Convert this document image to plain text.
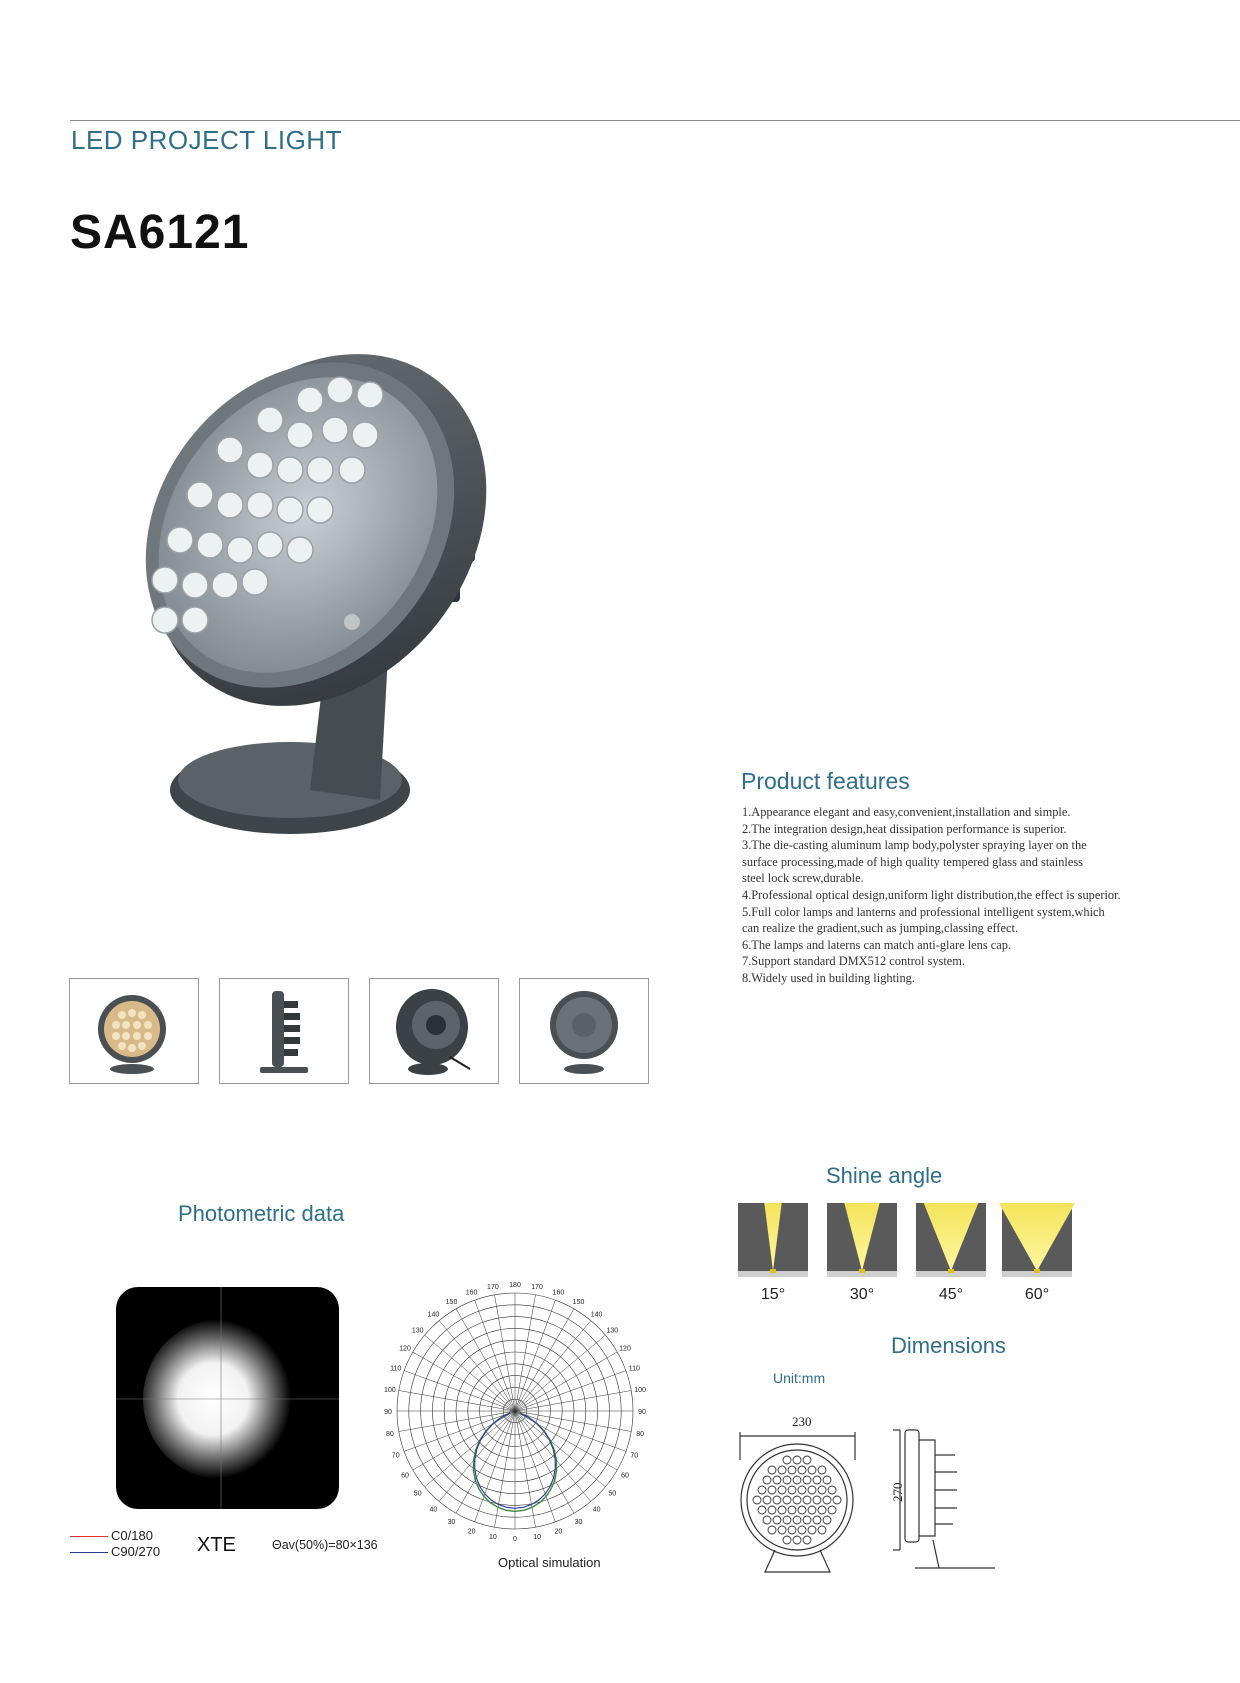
LED PROJECT LIGHT
SA6121
Product features
1.Appearance elegant and easy,convenient,installation and simple.
2.The integration design,heat dissipation performance is superior.
3.The die-casting aluminum lamp body,polyster spraying layer on the
surface processing,made of high quality tempered glass and stainless
steel lock screw,durable.
4.Professional optical design,uniform light distribution,the effect is superior.
5.Full color lamps and lanterns and professional intelligent system,which
can realize the gradient,such as jumping,classing effect.
6.The lamps and laterns can match anti-glare lens cap.
7.Support standard DMX512 control system.
8.Widely used in building lighting.
Shine angle
15°	30°	45°	60°
Photometric data
C0/180
C90/270 XTE	Θav(50%)=80×136
180 170
170
160
160
150
150
140
140
130
130
120
120
110
110
100
100
90
90
80
80
70
70
60
60
50
50
40
40
30
30
20
20
10
10 0
Optical simulation
Dimensions
Unit:mm
230
270
